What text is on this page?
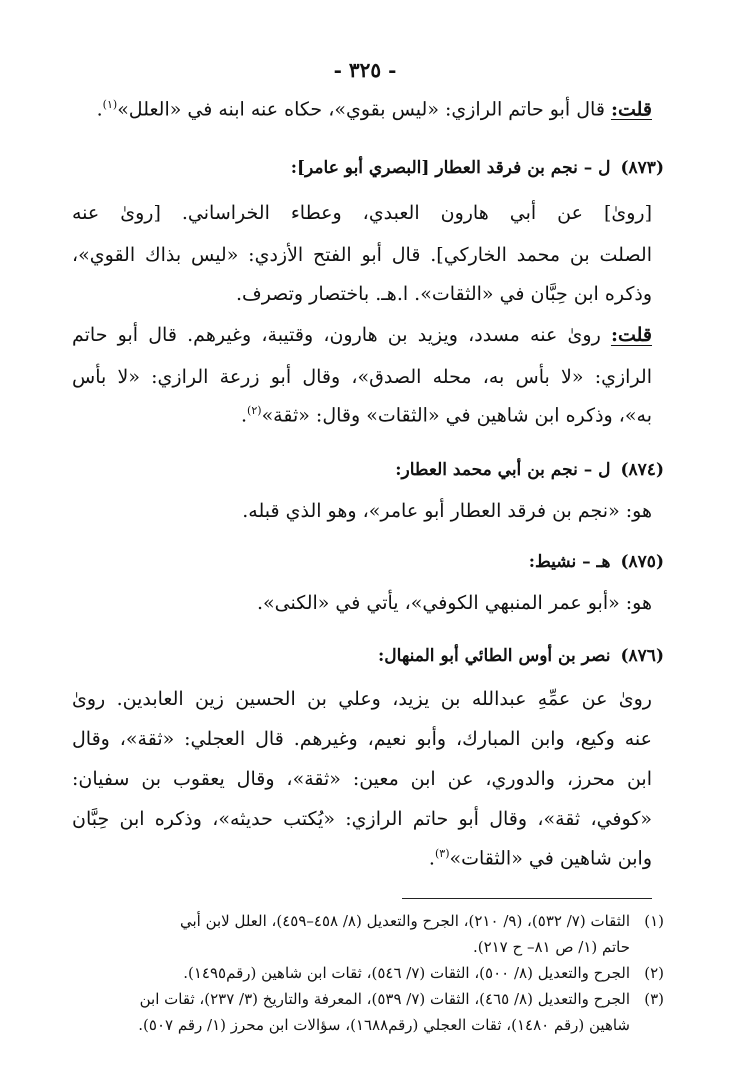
- ٣٢٥ -
قلت: قال أبو حاتم الرازي: «ليس بقوي»، حكاه عنه ابنه في «العلل»$^{(١)}$.
(٨٧٣)ل – نجم بن فرقد العطار [البصري أبو عامر]:
[روىٰ] عن أبي هارون العبدي، وعطاء الخراساني. [روىٰ عنه
الصلت بن محمد الخاركي]. قال أبو الفتح الأزدي: «ليس بذاك القوي»،
وذكره ابن حِبَّان في «الثقات». ا.هـ. باختصار وتصرف.
قلت: روىٰ عنه مسدد، ويزيد بن هارون، وقتيبة، وغيرهم. قال أبو حاتم
الرازي: «لا بأس به، محله الصدق»، وقال أبو زرعة الرازي: «لا بأس
به»، وذكره ابن شاهين في «الثقات» وقال: «ثقة»$^{(٢)}$.
(٨٧٤)ل – نجم بن أبي محمد العطار:
هو: «نجم بن فرقد العطار أبو عامر»، وهو الذي قبله.
(٨٧٥)هـ – نشيط:
هو: «أبو عمر المنبهي الكوفي»، يأتي في «الكنى».
(٨٧٦)نصر بن أوس الطائي أبو المنهال:
روىٰ عن عمِّهِ عبدالله بن يزيد، وعلي بن الحسين زين العابدين. روىٰ
عنه وكيع، وابن المبارك، وأبو نعيم، وغيرهم. قال العجلي: «ثقة»، وقال
ابن محرز، والدوري، عن ابن معين: «ثقة»، وقال يعقوب بن سفيان:
«كوفي، ثقة»، وقال أبو حاتم الرازي: «يُكتب حديثه»، وذكره ابن حِبَّان
وابن شاهين في «الثقات»$^{(٣)}$.
(١)الثقات (٧/ ٥٣٢)، (٩/ ٢١٠)، الجرح والتعديل (٨/ ٤٥٨–٤٥٩)، العلل لابن أبي
حاتم (١/ ص ٨١– ح ٢١٧).
(٢)الجرح والتعديل (٨/ ٥٠٠)، الثقات (٧/ ٥٤٦)، ثقات ابن شاهين (رقم١٤٩٥).
(٣)الجرح والتعديل (٨/ ٤٦٥)، الثقات (٧/ ٥٣٩)، المعرفة والتاريخ (٣/ ٢٣٧)، ثقات ابن
شاهين (رقم ١٤٨٠)، ثقات العجلي (رقم١٦٨٨)، سؤالات ابن محرز (١/ رقم ٥٠٧).
